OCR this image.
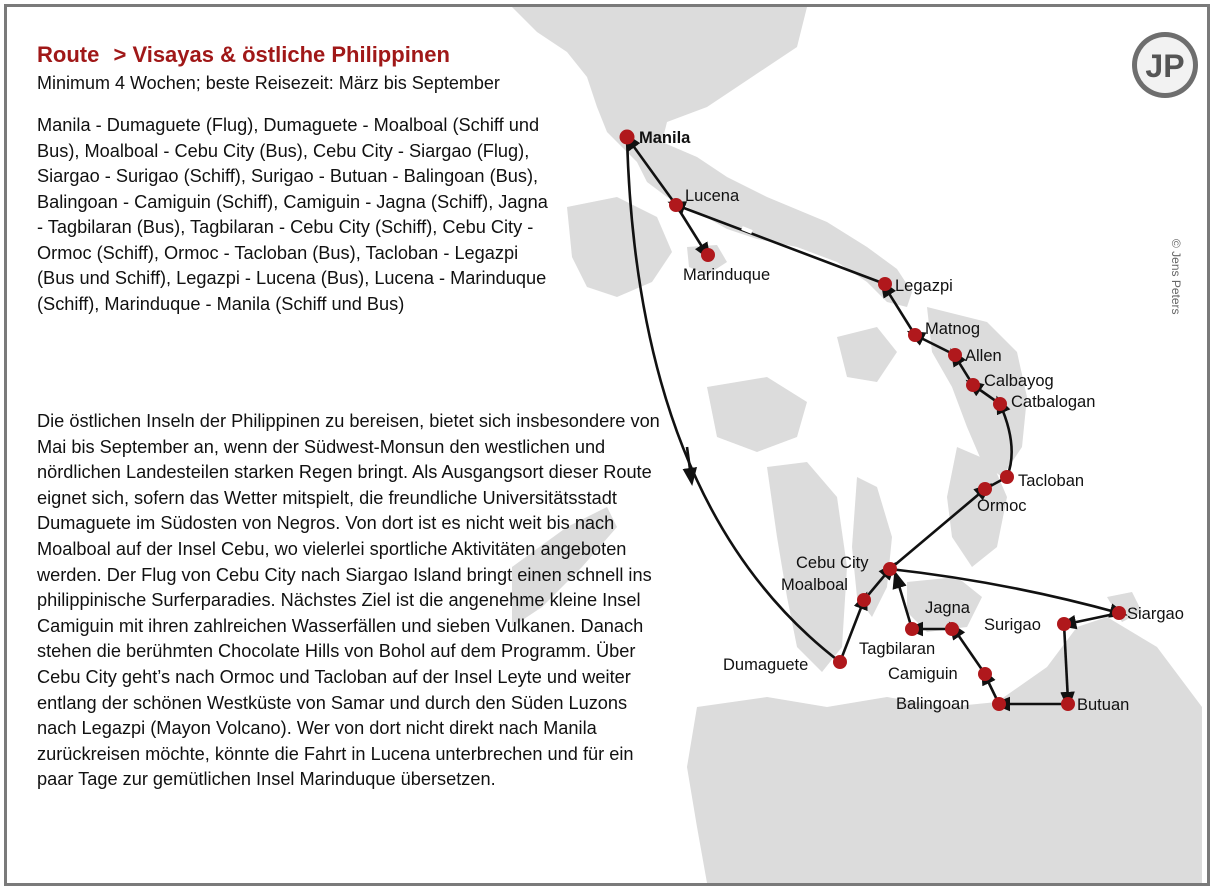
Manila
Lucena
Marinduque
Legazpi
Matnog
Allen
Calbayog
Catbalogan
Tacloban
Ormoc
Cebu City
Moalboal
Dumaguete
Jagna
Tagbilaran
Camiguin
Balingoan
Surigao
Siargao
Butuan
Route > Visayas & östliche Philippinen
Minimum 4 Wochen; beste Reisezeit: März bis September
Manila - Dumaguete (Flug), Dumaguete - Moalboal (Schiff und Bus), Moalboal - Cebu City (Bus), Cebu City - Siargao (Flug), Siargao - Surigao (Schiff), Surigao - Butuan - Balingoan (Bus), Balingoan - Camiguin (Schiff), Camiguin - Jagna (Schiff), Jagna - Tagbilaran (Bus), Tagbilaran - Cebu City (Schiff), Cebu City - Ormoc (Schiff), Ormoc - Tacloban (Bus), Tacloban - Legazpi (Bus und Schiff), Legazpi - Lucena (Bus), Lucena - Marinduque (Schiff), Marinduque - Manila (Schiff und Bus)
Die östlichen Inseln der Philippinen zu bereisen, bietet sich insbesondere von Mai bis September an, wenn der Südwest-Monsun den westlichen und nördlichen Landesteilen starken Regen bringt. Als Ausgangsort dieser Route eignet sich, sofern das Wetter mitspielt, die freundliche Universitätsstadt Dumaguete im Südosten von Negros. Von dort ist es nicht weit bis nach Moalboal auf der Insel Cebu, wo vielerlei sportliche Aktivitäten angeboten werden. Der Flug von Cebu City nach Siargao Island bringt einen schnell ins philippinische Surferparadies. Nächstes Ziel ist die angenehme kleine Insel Camiguin mit ihren zahlreichen Wasserfällen und sieben Vulkanen. Danach stehen die berühmten Chocolate Hills von Bohol auf dem Programm. Über Cebu City geht’s nach Ormoc und Tacloban auf der Insel Leyte und weiter entlang der schönen Westküste von Samar und durch den Süden Luzons nach Legazpi (Mayon Volcano). Wer von dort nicht direkt nach Manila zurückreisen möchte, könnte die Fahrt in Lucena unterbrechen und für ein paar Tage zur gemütlichen Insel Marinduque übersetzen.
© Jens Peters
JP
